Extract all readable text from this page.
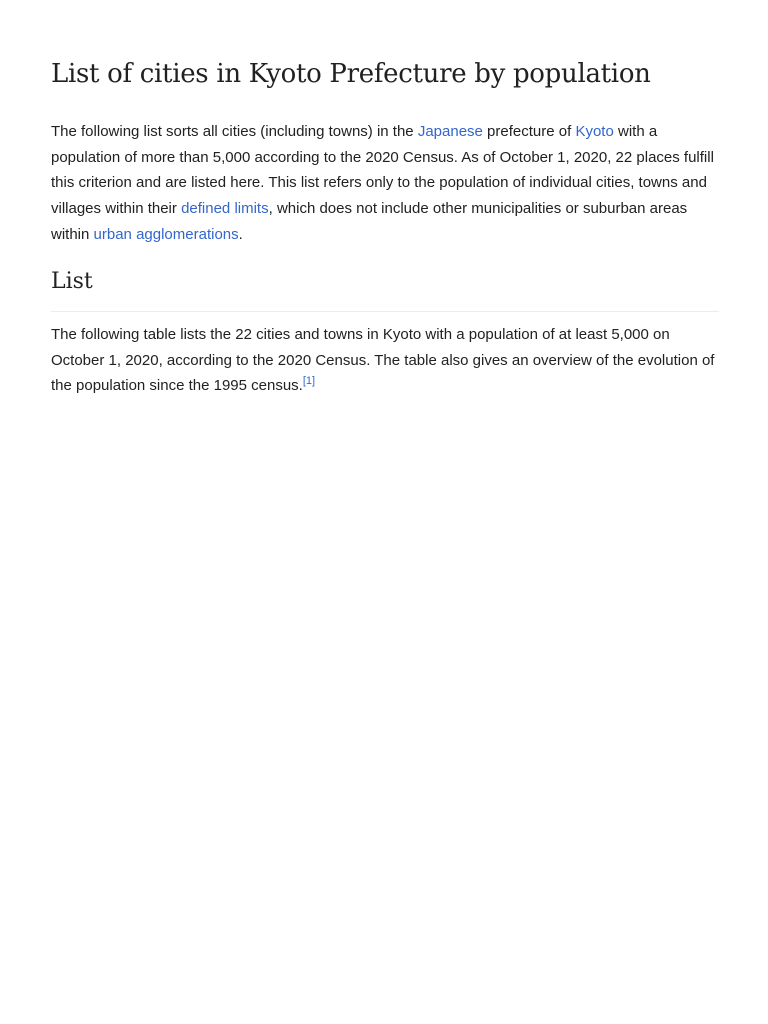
List of cities in Kyoto Prefecture by population

The following list sorts all cities (including towns) in the Japanese prefecture of Kyoto with a population of more than 5,000 according to the 2020 Census. As of October 1, 2020, 22 places fulfill this criterion and are listed here. This list refers only to the population of individual cities, towns and villages within their defined limits, which does not include other municipalities or suburban areas within urban agglomerations.

List

The following table lists the 22 cities and towns in Kyoto with a population of at least 5,000 on October 1, 2020, according to the 2020 Census. The table also gives an overview of the evolution of the population since the 1995 census.[1]
